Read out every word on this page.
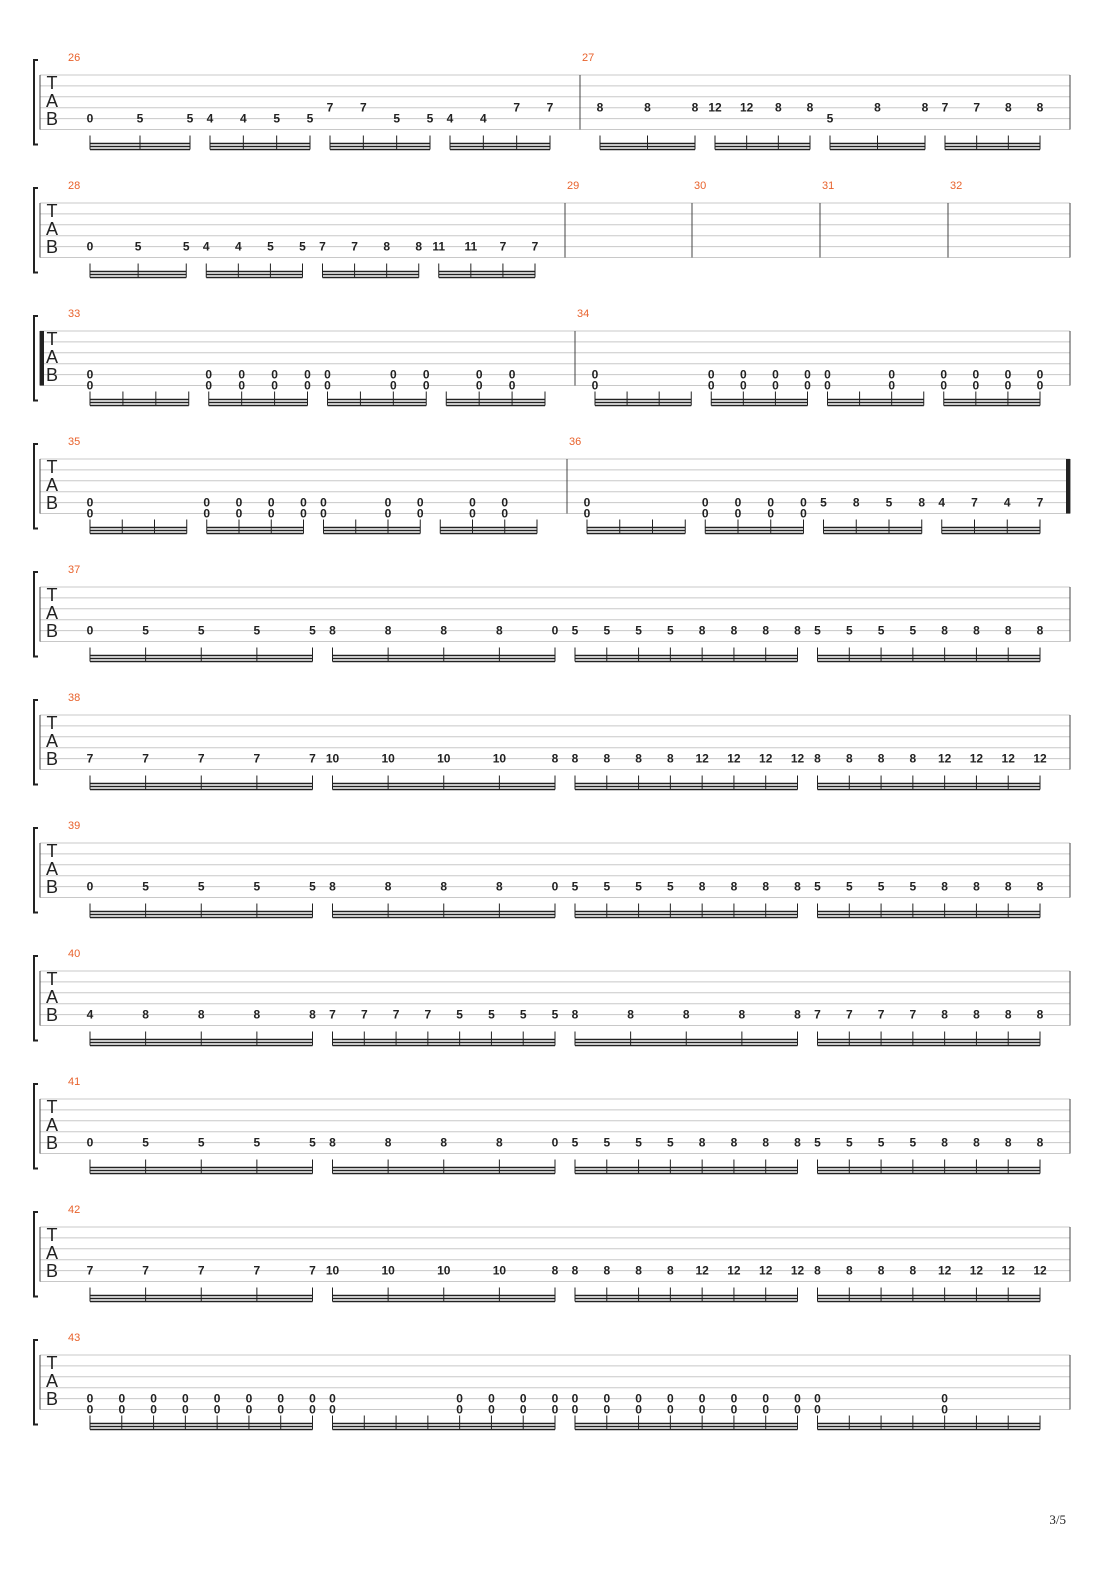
T
A
B
26
0	5	5 4 4 5 5
7 7
5 5 4 4
7 7
27
8	8	8 12 12 8 8
5
8	8 7 7 8 8
T
A
B
28
0	5	5 4 4 5 5 7 7 8 8 11 11 7 7
29	30	31	32
T
A
B
33
0
0
0
0
0
0
0
0
0
0
0
0
0
0
0
0
0
0
0
0
34
0
0
0
0
0
0
0
0
0
0
0
0
0
0
0
0
0
0
0
0
0
0
T
A
B
35
0
0
0
0
0
0
0
0
0
0
0
0
0
0
0
0
0
0
0
0
36
0
0
0
0
0
0
0
0
0
0
5 8 5 8 4 7 4 7
T
A
B
37
0	5	5	5	5 8	8	8	8	0 5 5 5 5 8 8 8 8 5 5 5 5 8 8 8 8
T
A
B
38
7	7	7	7	7 10	10	10	10	8 8 8 8 8 12 12 12 12 8 8 8 8 12 12 12 12
T
A
B
39
0	5	5	5	5 8	8	8	8	0 5 5 5 5 8 8 8 8 5 5 5 5 8 8 8 8
T
A
B
40
4	8	8	8	8 7 7 7 7 5 5 5 5 8	8	8	8	8 7 7 7 7 8 8 8 8
T
A
B
41
0	5	5	5	5 8	8	8	8	0 5 5 5 5 8 8 8 8 5 5 5 5 8 8 8 8
T
A
B
42
7	7	7	7	7 10	10	10	10	8 8 8 8 8 12 12 12 12 8 8 8 8 12 12 12 12
T
A
B
43
0
0
0
0
0
0
0
0
0
0
0
0
0
0
0
0
0
0
0
0
0
0
0
0
0
0
0
0
0
0
0
0
0
0
0
0
0
0
0
0
0
0
0
0
0
0
3/5
